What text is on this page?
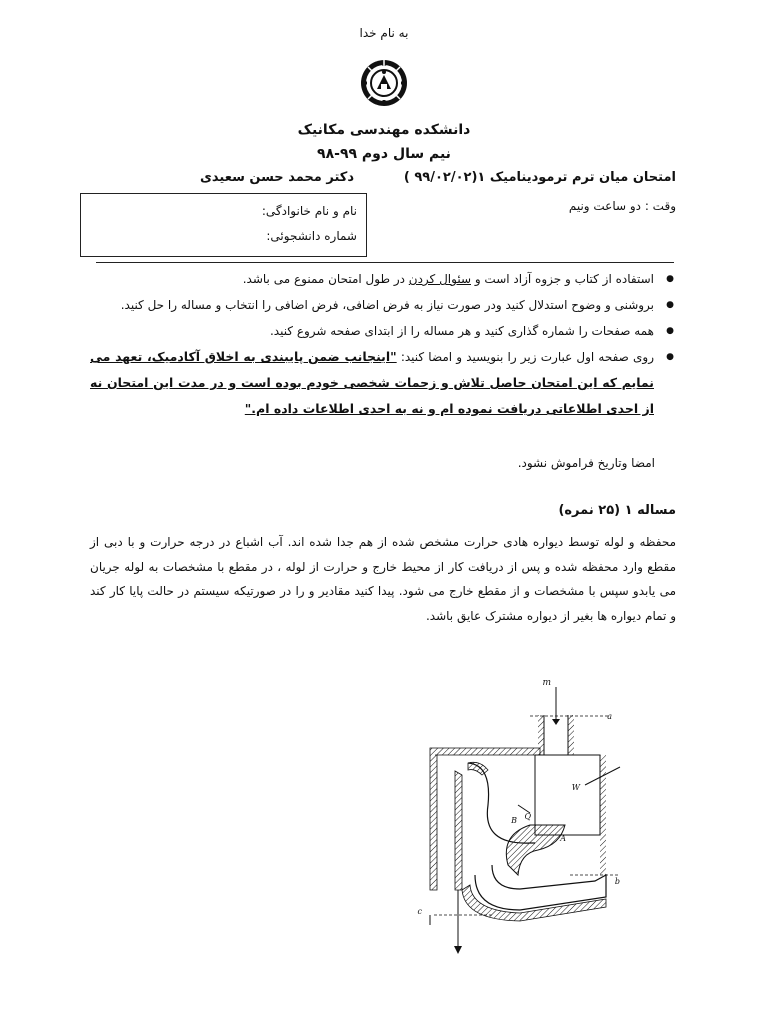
به نام خدا
دانشکده مهندسی مکانیک
نیم سال دوم ۹۹-۹۸
امتحان میان ترم ترمودینامیک ۱(۹۹/۰۲/۰۲ )
دکتر محمد حسن سعیدی
وقت : دو ساعت ونیم
نام و نام خانوادگی:
شماره دانشجوئی:
● استفاده از کتاب و جزوه آزاد است و سئوال کردن در طول امتحان ممنوع می باشد.
● بروشنی و وضوح استدلال کنید ودر صورت نیاز به فرض اضافی، فرض اضافی را انتخاب و مساله را حل کنید.
● همه صفحات را شماره گذاری کنید و هر مساله را از ابتدای صفحه شروع کنید.
● روی صفحه اول عبارت زیر را بنویسید و امضا کنید: "اینجانب ضمن پایبندی به اخلاق آکادمیک، تعهد می نمایم که این امتحان حاصل تلاش و زحمات شخصی خودم بوده است و در مدت این امتحان نه از احدی اطلاعاتی دریافت نموده ام و نه به احدی اطلاعات داده ام."
امضا وتاریخ فراموش نشود.
مساله ۱ (۲۵ نمره)
محفظه و لوله توسط دیواره هادی حرارت مشخص شده از هم جدا شده اند. آب اشباع در درجه حرارت و با دبی از مقطع وارد محفظه شده و پس از دریافت کار از محیط خارج و حرارت از لوله ، در مقطع با مشخصات به لوله جریان می یابدو سپس با مشخصات و از مقطع خارج می شود. پیدا کنید مقادیر و را در صورتیکه سیستم در حالت پایا کار کند و تمام دیواره ها بغیر از دیواره مشترک عایق باشد.
m
a
b
c
W
Q
A
B
